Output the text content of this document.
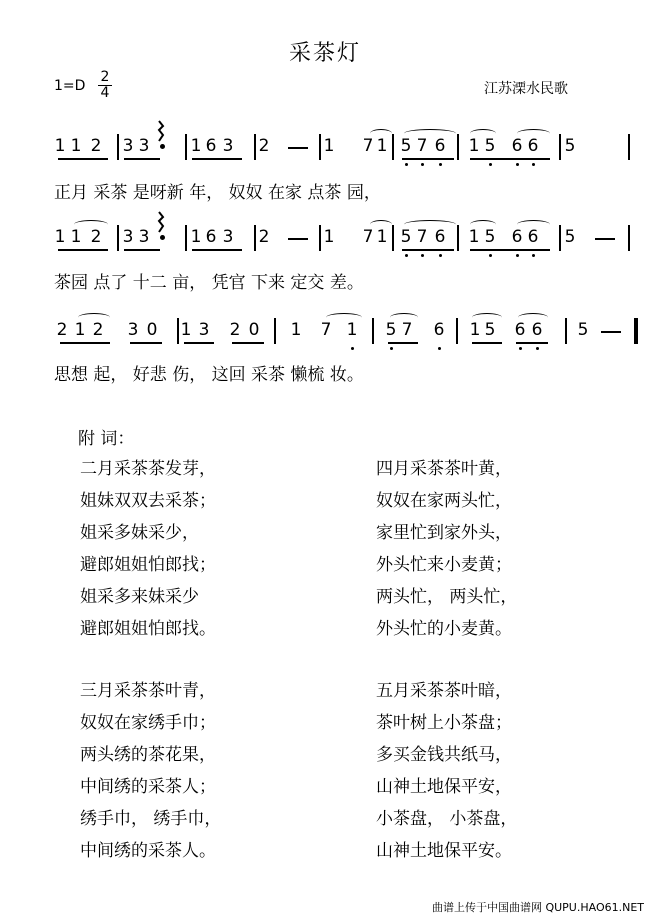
采茶灯
1=D
2
4	江苏溧水民歌
1 1 2 3 3 1 6 3 2	1 7 1 5 7 6 1 5 6 6 5
1 1 2 3 3 1 6 3 2	1 7 1 5 7 6 1 5 6 6 5
2 1 2 3 0 1 3 2 0 1 7 1 5 7 6 1 5 6 6 5
正月 采茶 是呀新 年， 奴奴 在家 点茶 园，
茶园 点了 十二 亩， 凭官 下来 定交 差。
思想 起， 好悲 伤， 这回 采茶 懒梳 妆。
附 词：
二月采茶茶发芽，
姐妹双双去采茶；
姐采多妹采少，
避郎姐姐怕郎找；
姐采多来妹采少
避郎姐姐怕郎找。
四月采茶茶叶黄，
奴奴在家两头忙，
家里忙到家外头，
外头忙来小麦黄；
两头忙， 两头忙，
外头忙的小麦黄。
三月采茶茶叶青，
奴奴在家绣手巾；
两头绣的茶花果，
中间绣的采茶人；
绣手巾， 绣手巾，
中间绣的采茶人。
五月采茶茶叶暗，
茶叶树上小茶盘；
多买金钱共纸马，
山神土地保平安，
小茶盘， 小茶盘，
山神土地保平安。
曲谱上传于中国曲谱网 QUPU.HAO61.NET
